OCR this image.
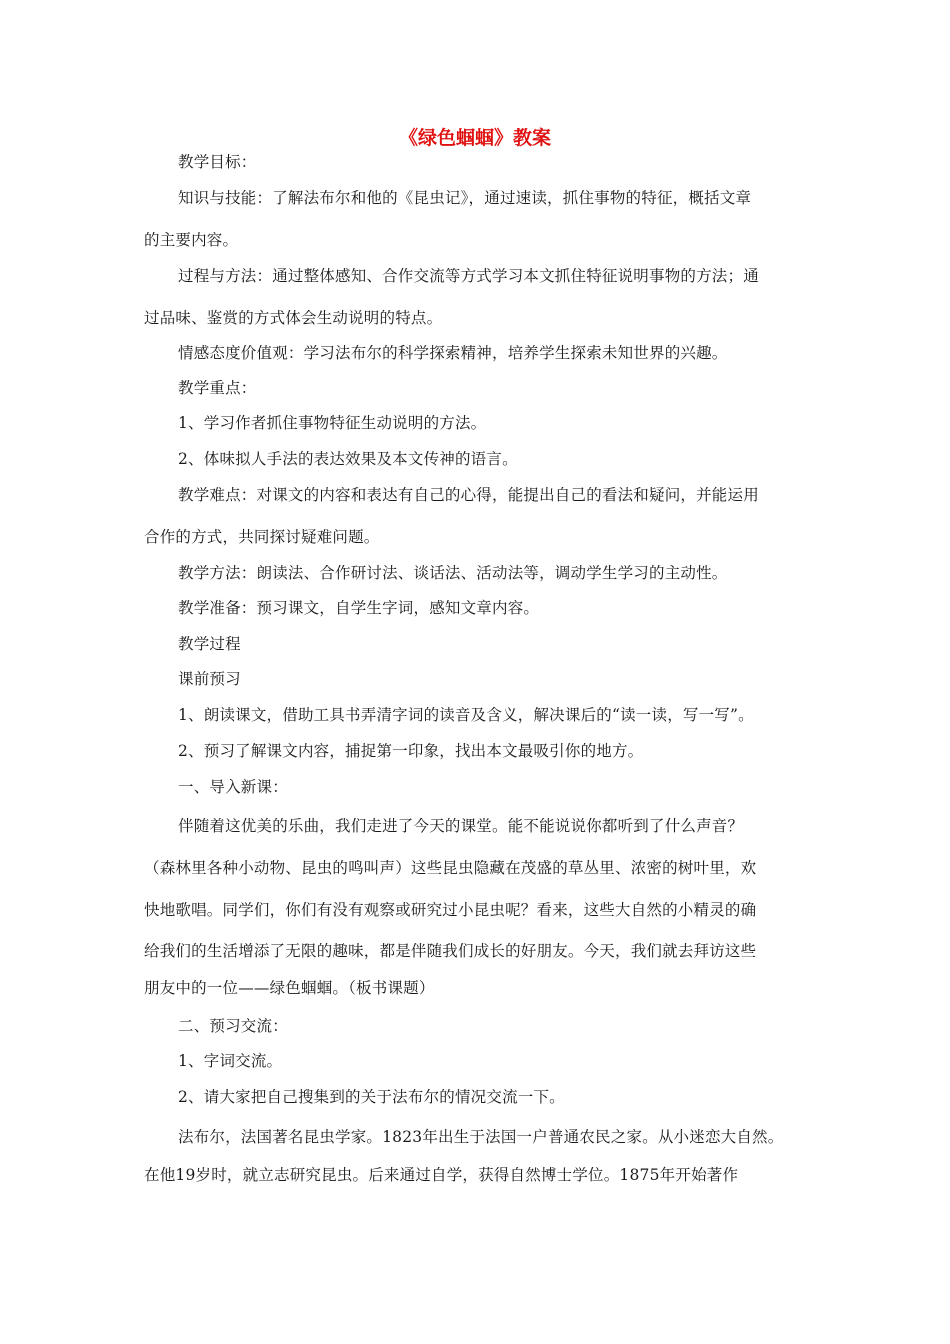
《绿色蝈蝈》教案
教学目标：
知识与技能：了解法布尔和他的《昆虫记》，通过速读，抓住事物的特征，概括文章
的主要内容。
过程与方法：通过整体感知、合作交流等方式学习本文抓住特征说明事物的方法；通
过品味、鉴赏的方式体会生动说明的特点。
情感态度价值观：学习法布尔的科学探索精神，培养学生探索未知世界的兴趣。
教学重点：
1、学习作者抓住事物特征生动说明的方法。
2、体味拟人手法的表达效果及本文传神的语言。
教学难点：对课文的内容和表达有自己的心得，能提出自己的看法和疑问，并能运用
合作的方式，共同探讨疑难问题。
教学方法：朗读法、合作研讨法、谈话法、活动法等，调动学生学习的主动性。
教学准备：预习课文，自学生字词，感知文章内容。
教学过程
课前预习
1、朗读课文，借助工具书弄清字词的读音及含义，解决课后的“读一读，写一写”。
2、预习了解课文内容，捕捉第一印象，找出本文最吸引你的地方。
一、导入新课：
伴随着这优美的乐曲，我们走进了今天的课堂。能不能说说你都听到了什么声音？
（森林里各种小动物、昆虫的鸣叫声）这些昆虫隐藏在茂盛的草丛里、浓密的树叶里，欢
快地歌唱。同学们，你们有没有观察或研究过小昆虫呢？看来，这些大自然的小精灵的确
给我们的生活增添了无限的趣味，都是伴随我们成长的好朋友。今天，我们就去拜访这些
朋友中的一位——绿色蝈蝈。（板书课题）
二、预习交流：
1、字词交流。
2、请大家把自己搜集到的关于法布尔的情况交流一下。
法布尔，法国著名昆虫学家。1823年出生于法国一户普通农民之家。从小迷恋大自然。
在他19岁时，就立志研究昆虫。后来通过自学，获得自然博士学位。1875年开始著作
